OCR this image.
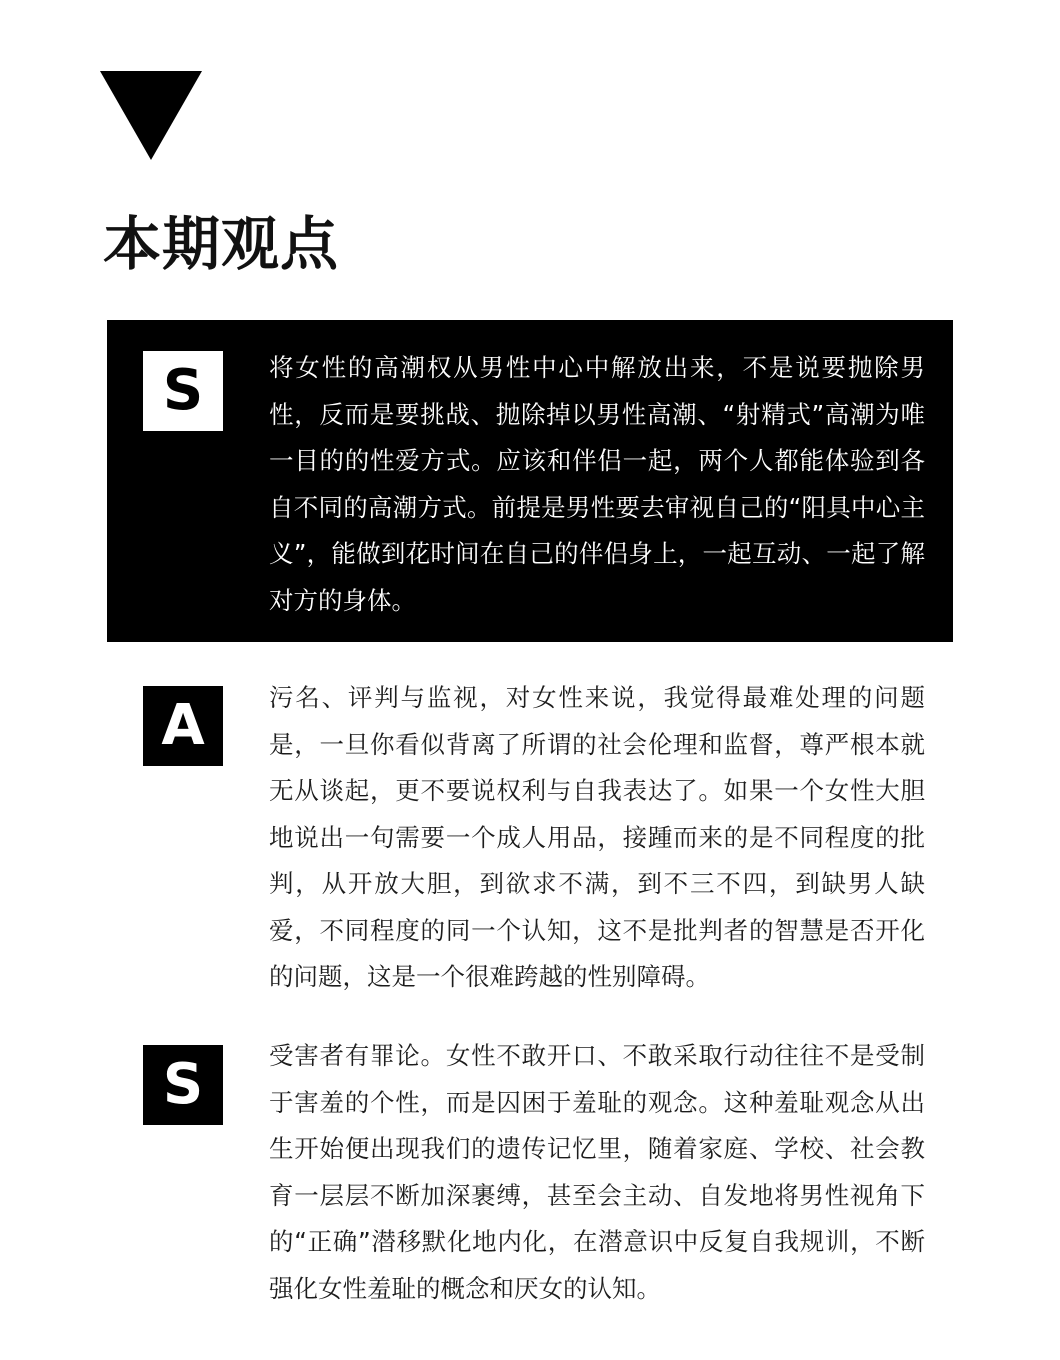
本期观点
S	将女性的高潮权从男性中心中解放出来，不是说要抛除男性，反而是要挑战、抛除掉以男性高潮、“射精式”高潮为唯一目的的性爱方式。应该和伴侣一起，两个人都能体验到各自不同的高潮方式。前提是男性要去审视自己的“阳具中心主义”，能做到花时间在自己的伴侣身上，一起互动、一起了解对方的身体。

A	污名、评判与监视，对女性来说，我觉得最难处理的问题是，一旦你看似背离了所谓的社会伦理和监督，尊严根本就无从谈起，更不要说权利与自我表达了。如果一个女性大胆地说出一句需要一个成人用品，接踵而来的是不同程度的批判，从开放大胆，到欲求不满，到不三不四，到缺男人缺爱，不同程度的同一个认知，这不是批判者的智慧是否开化的问题，这是一个很难跨越的性别障碍。

S	受害者有罪论。女性不敢开口、不敢采取行动往往不是受制于害羞的个性，而是囚困于羞耻的观念。这种羞耻观念从出生开始便出现我们的遗传记忆里，随着家庭、学校、社会教育一层层不断加深裹缚，甚至会主动、自发地将男性视角下的“正确”潜移默化地内化，在潜意识中反复自我规训，不断强化女性羞耻的概念和厌女的认知。
